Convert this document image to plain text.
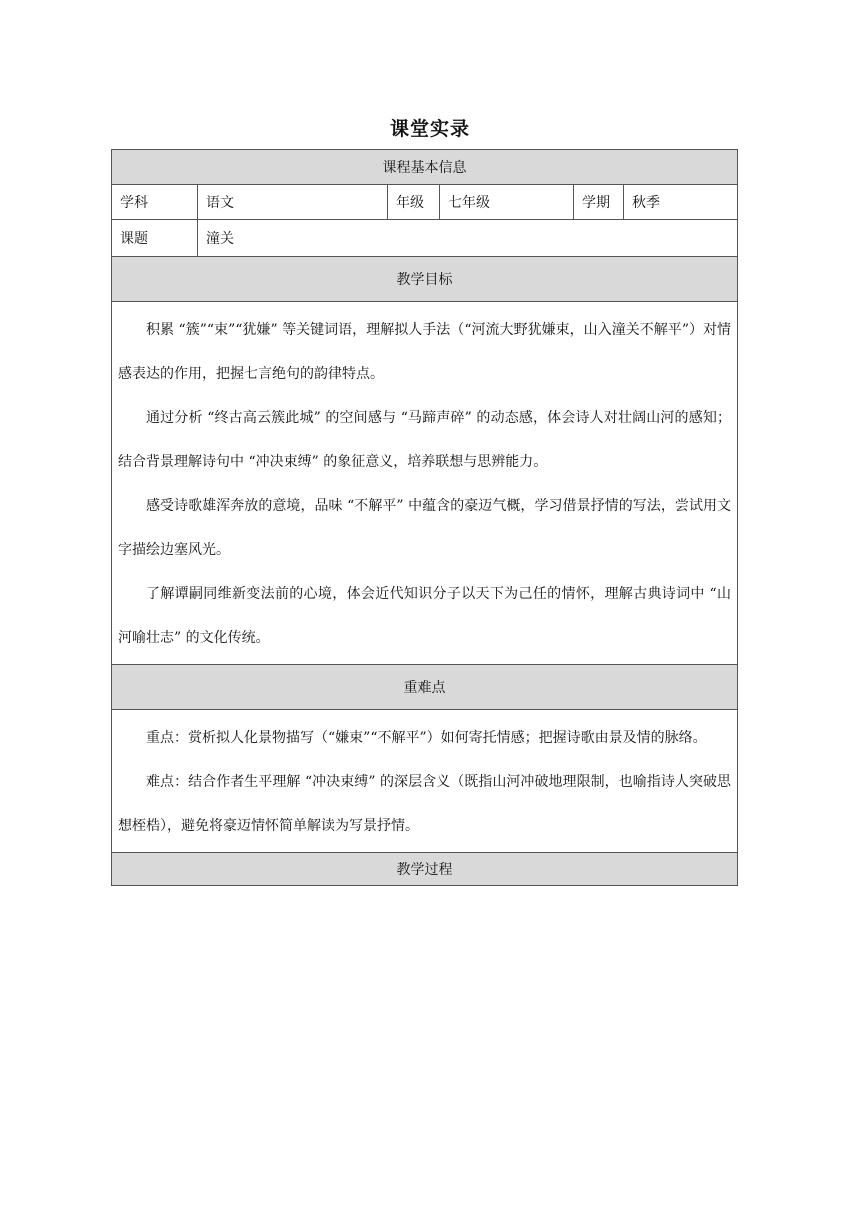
课堂实录
课程基本信息					
学科	语文	年级	七年级	学期	秋季
课题	潼关				
教学目标					

积累 “簇”“束”“犹嫌” 等关键词语，理解拟人手法（“河流大野犹嫌束，山入潼关不解平”）对情感表达的作用，把握七言绝句的韵律特点。

通过分析 “终古高云簇此城” 的空间感与 “马蹄声碎” 的动态感，体会诗人对壮阔山河的感知；结合背景理解诗句中 “冲决束缚” 的象征意义，培养联想与思辨能力。

感受诗歌雄浑奔放的意境，品味 “不解平” 中蕴含的豪迈气概，学习借景抒情的写法，尝试用文字描绘边塞风光。

了解谭嗣同维新变法前的心境，体会近代知识分子以天下为己任的情怀，理解古典诗词中 “山河喻壮志” 的文化传统。					

重难点					

重点：赏析拟人化景物描写（“嫌束”“不解平”）如何寄托情感；把握诗歌由景及情的脉络。

难点：结合作者生平理解 “冲决束缚” 的深层含义（既指山河冲破地理限制，也喻指诗人突破思想桎梏），避免将豪迈情怀简单解读为写景抒情。					

教学过程					
